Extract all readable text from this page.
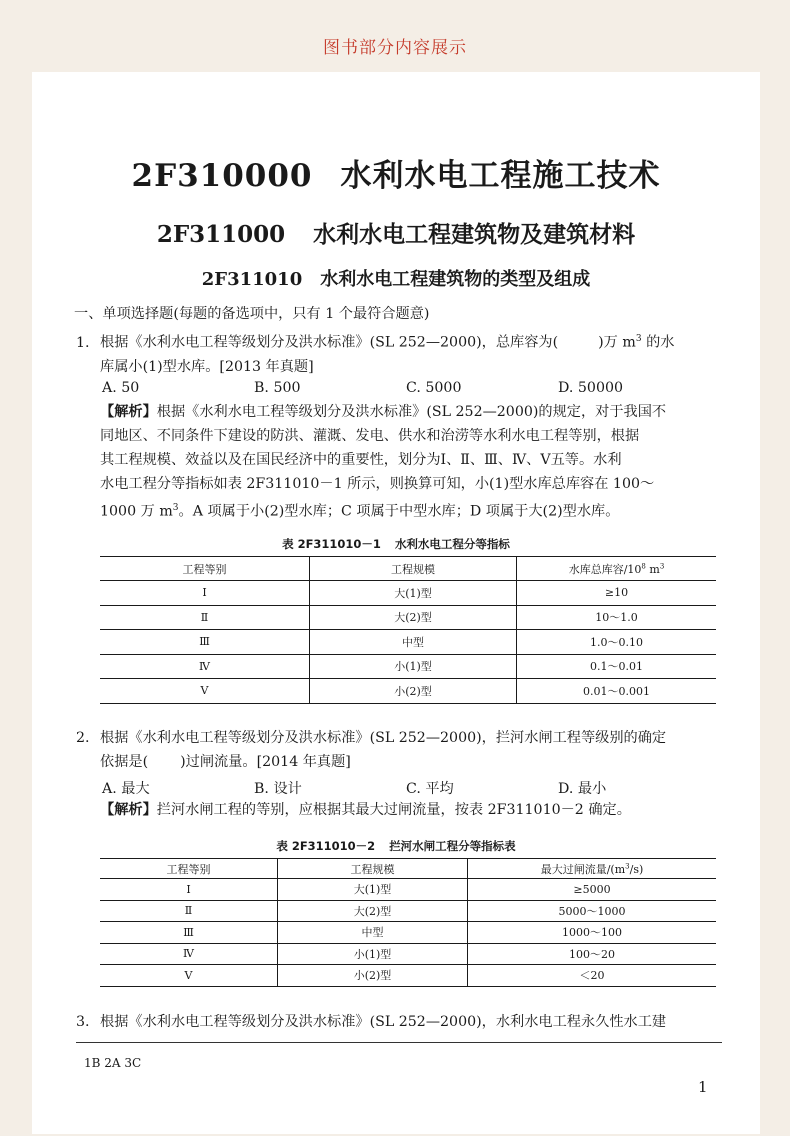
图书部分内容展示
2F310000 水利水电工程施工技术
2F311000 水利水电工程建筑物及建筑材料
2F311010 水利水电工程建筑物的类型及组成
一、单项选择题(每题的备选项中，只有 1 个最符合题意)
1. 根据《水利水电工程等级划分及洪水标准》(SL 252—2000)，总库容为(	)万 $m^3$ 的水
库属小(1)型水库。[2013 年真题]
A. 50	B. 500	C. 5000	D. 50000
【解析】根据《水利水电工程等级划分及洪水标准》(SL 252—2000)的规定，对于我国不
同地区、不同条件下建设的防洪、灌溉、发电、供水和治涝等水利水电工程等别，根据
其工程规模、效益以及在国民经济中的重要性，划分为Ⅰ、Ⅱ、Ⅲ、Ⅳ、Ⅴ五等。水利
水电工程分等指标如表 2F311010－1 所示，则换算可知，小(1)型水库总库容在 100～
1000 万 $m^3$。A 项属于小(2)型水库；C 项属于中型水库；D 项属于大(2)型水库。
表 2F311010－1 水利水电工程分等指标
工程等别	工程规模	水库总库容$/10^8$ $m^3$
Ⅰ	大(1)型	≥10
Ⅱ	大(2)型	10～1.0
Ⅲ	中型	1.0～0.10
Ⅳ	小(1)型	0.1～0.01
Ⅴ	小(2)型	0.01～0.001
2. 根据《水利水电工程等级划分及洪水标准》(SL 252—2000)，拦河水闸工程等级别的确定
依据是( )过闸流量。[2014 年真题]
A. 最大	B. 设计	C. 平均	D. 最小
【解析】拦河水闸工程的等别，应根据其最大过闸流量，按表 2F311010－2 确定。
表 2F311010－2 拦河水闸工程分等指标表
工程等别	工程规模	最大过闸流量$/(m^3/s)$
Ⅰ	大(1)型	≥5000
Ⅱ	大(2)型	5000～1000
Ⅲ	中型	1000～100
Ⅳ	小(1)型	100～20
Ⅴ	小(2)型	＜20
3. 根据《水利水电工程等级划分及洪水标准》(SL 252—2000)，水利水电工程永久性水工建
1B 2A 3C
1
